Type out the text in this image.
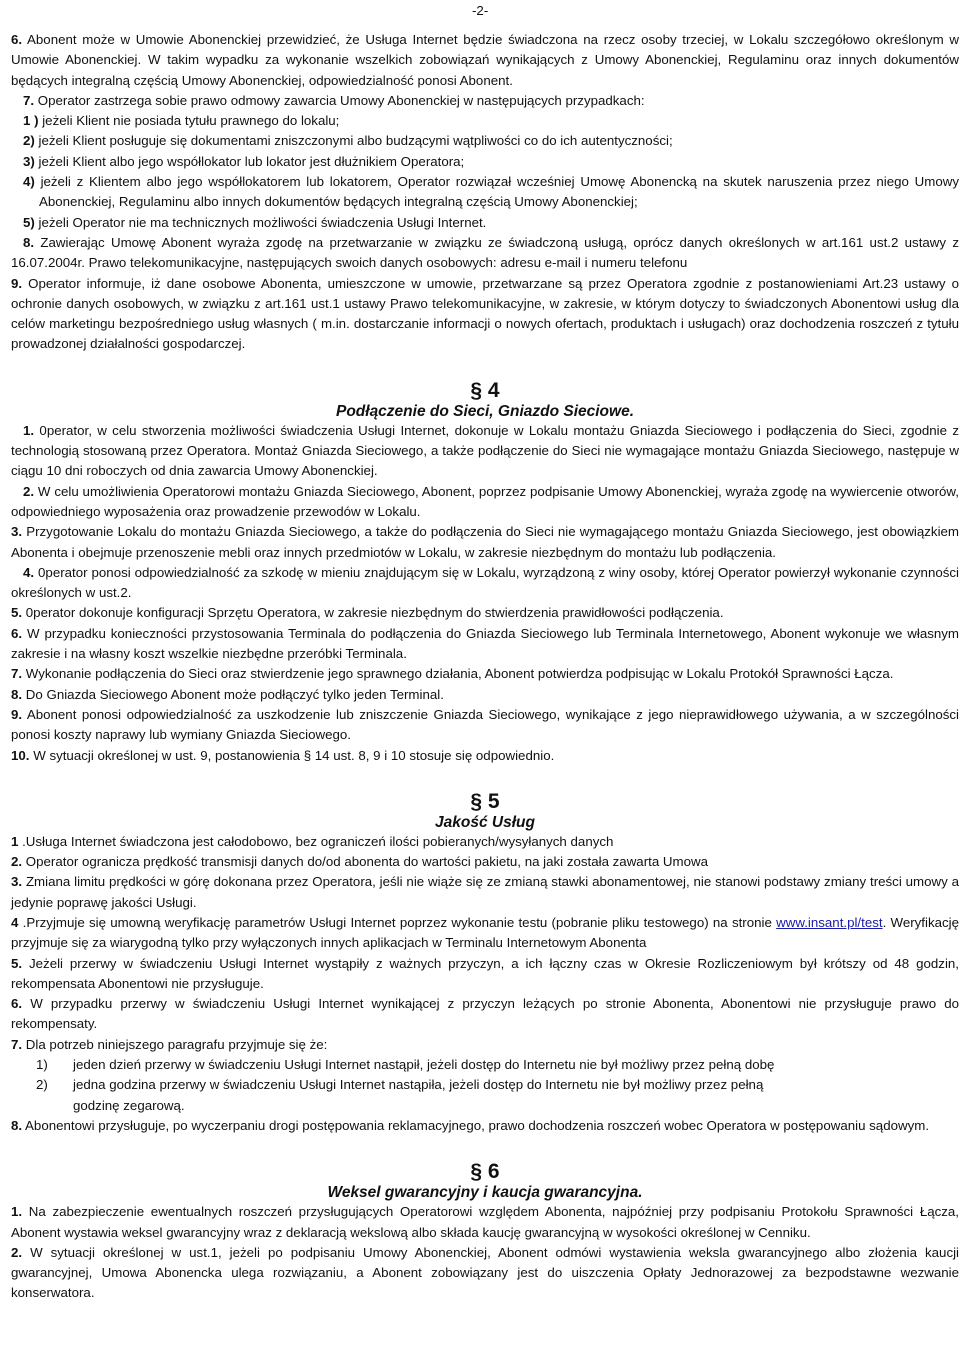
-2-

6. Abonent może w Umowie Abonenckiej przewidzieć, że Usługa Internet będzie świadczona na rzecz osoby trzeciej, w Lokalu szczegółowo określonym w Umowie Abonenckiej. W takim wypadku za wykonanie wszelkich zobowiązań wynikających z Umowy Abonenckiej, Regulaminu oraz innych dokumentów będących integralną częścią Umowy Abonenckiej, odpowiedzialność ponosi Abonent.

7. Operator zastrzega sobie prawo odmowy zawarcia Umowy Abonenckiej w następujących przypadkach:

1 ) jeżeli Klient nie posiada tytułu prawnego do lokalu;

2) jeżeli Klient posługuje się dokumentami zniszczonymi albo budzącymi wątpliwości co do ich autentyczności;

3) jeżeli Klient albo jego współlokator lub lokator jest dłużnikiem Operatora;

4) jeżeli z Klientem albo jego współlokatorem lub lokatorem, Operator rozwiązał wcześniej Umowę Abonencką na skutek naruszenia przez niego Umowy Abonenckiej, Regulaminu albo innych dokumentów będących integralną częścią Umowy Abonenckiej;

5) jeżeli Operator nie ma technicznych możliwości świadczenia Usługi Internet.

8. Zawierając Umowę Abonent wyraża zgodę na przetwarzanie w związku ze świadczoną usługą, oprócz danych określonych w art.161 ust.2 ustawy z 16.07.2004r. Prawo telekomunikacyjne, następujących swoich danych osobowych: adresu e-mail i numeru telefonu

9. Operator informuje, iż dane osobowe Abonenta, umieszczone w umowie, przetwarzane są przez Operatora zgodnie z postanowieniami Art.23 ustawy o ochronie danych osobowych, w związku z art.161 ust.1 ustawy Prawo telekomunikacyjne, w zakresie, w którym dotyczy to świadczonych Abonentowi usług dla celów marketingu bezpośredniego usług własnych ( m.in. dostarczanie informacji o nowych ofertach, produktach i usługach) oraz dochodzenia roszczeń z tytułu prowadzonej działalności gospodarczej.

§ 4
Podłączenie do Sieci, Gniazdo Sieciowe.

1. 0perator, w celu stworzenia możliwości świadczenia Usługi Internet, dokonuje w Lokalu montażu Gniazda Sieciowego i podłączenia do Sieci, zgodnie z technologią stosowaną przez Operatora. Montaż Gniazda Sieciowego, a także podłączenie do Sieci nie wymagające montażu Gniazda Sieciowego, następuje w ciągu 10 dni roboczych od dnia zawarcia Umowy Abonenckiej.

2. W celu umożliwienia Operatorowi montażu Gniazda Sieciowego, Abonent, poprzez podpisanie Umowy Abonenckiej, wyraża zgodę na wywiercenie otworów, odpowiedniego wyposażenia oraz prowadzenie przewodów w Lokalu.

3. Przygotowanie Lokalu do montażu Gniazda Sieciowego, a także do podłączenia do Sieci nie wymagającego montażu Gniazda Sieciowego, jest obowiązkiem Abonenta i obejmuje przenoszenie mebli oraz innych przedmiotów w Lokalu, w zakresie niezbędnym do montażu lub podłączenia.

4. 0perator ponosi odpowiedzialność za szkodę w mieniu znajdującym się w Lokalu, wyrządzoną z winy osoby, której Operator powierzył wykonanie czynności określonych w ust.2.

5. 0perator dokonuje konfiguracji Sprzętu Operatora, w zakresie niezbędnym do stwierdzenia prawidłowości podłączenia.

6. W przypadku konieczności przystosowania Terminala do podłączenia do Gniazda Sieciowego lub Terminala Internetowego, Abonent wykonuje we własnym zakresie i na własny koszt wszelkie niezbędne przeróbki Terminala.

7. Wykonanie podłączenia do Sieci oraz stwierdzenie jego sprawnego działania, Abonent potwierdza podpisując w Lokalu Protokół Sprawności Łącza.

8. Do Gniazda Sieciowego Abonent może podłączyć tylko jeden Terminal.

9. Abonent ponosi odpowiedzialność za uszkodzenie lub zniszczenie Gniazda Sieciowego, wynikające z jego nieprawidłowego używania, a w szczególności ponosi koszty naprawy lub wymiany Gniazda Sieciowego.

10. W sytuacji określonej w ust. 9, postanowienia § 14 ust. 8, 9 i 10 stosuje się odpowiednio.

§ 5
Jakość Usług

1 .Usługa Internet świadczona jest całodobowo, bez ograniczeń ilości pobieranych/wysyłanych danych

2. Operator ogranicza prędkość transmisji danych do/od abonenta do wartości pakietu, na jaki została zawarta Umowa

3. Zmiana limitu prędkości w górę dokonana przez Operatora, jeśli nie wiąże się ze zmianą stawki abonamentowej, nie stanowi podstawy zmiany treści umowy a jedynie poprawę jakości Usługi.

4 .Przyjmuje się umowną weryfikację parametrów Usługi Internet poprzez wykonanie testu (pobranie pliku testowego) na stronie www.insant.pl/test. Weryfikację przyjmuje się za wiarygodną tylko przy wyłączonych innych aplikacjach w Terminalu Internetowym Abonenta

5. Jeżeli przerwy w świadczeniu Usługi Internet wystąpiły z ważnych przyczyn, a ich łączny czas w Okresie Rozliczeniowym był krótszy od 48 godzin, rekompensata Abonentowi nie przysługuje.

6. W przypadku przerwy w świadczeniu Usługi Internet wynikającej z przyczyn leżących po stronie Abonenta, Abonentowi nie przysługuje prawo do rekompensaty.

7. Dla potrzeb niniejszego paragrafu przyjmuje się że:

1) jeden dzień przerwy w świadczeniu Usługi Internet nastąpił, jeżeli dostęp do Internetu nie był możliwy przez pełną dobę

2) jedna godzina przerwy w świadczeniu Usługi Internet nastąpiła, jeżeli dostęp do Internetu nie był możliwy przez pełną

godzinę zegarową.

8. Abonentowi przysługuje, po wyczerpaniu drogi postępowania reklamacyjnego, prawo dochodzenia roszczeń wobec Operatora w postępowaniu sądowym.

§ 6
Weksel gwarancyjny i kaucja gwarancyjna.

1. Na zabezpieczenie ewentualnych roszczeń przysługujących Operatorowi względem Abonenta, najpóźniej przy podpisaniu Protokołu Sprawności Łącza, Abonent wystawia weksel gwarancyjny wraz z deklaracją wekslową albo składa kaucję gwarancyjną w wysokości określonej w Cenniku.

2. W sytuacji określonej w ust.1, jeżeli po podpisaniu Umowy Abonenckiej, Abonent odmówi wystawienia weksla gwarancyjnego albo złożenia kaucji gwarancyjnej, Umowa Abonencka ulega rozwiązaniu, a Abonent zobowiązany jest do uiszczenia Opłaty Jednorazowej za bezpodstawne wezwanie konserwatora.
